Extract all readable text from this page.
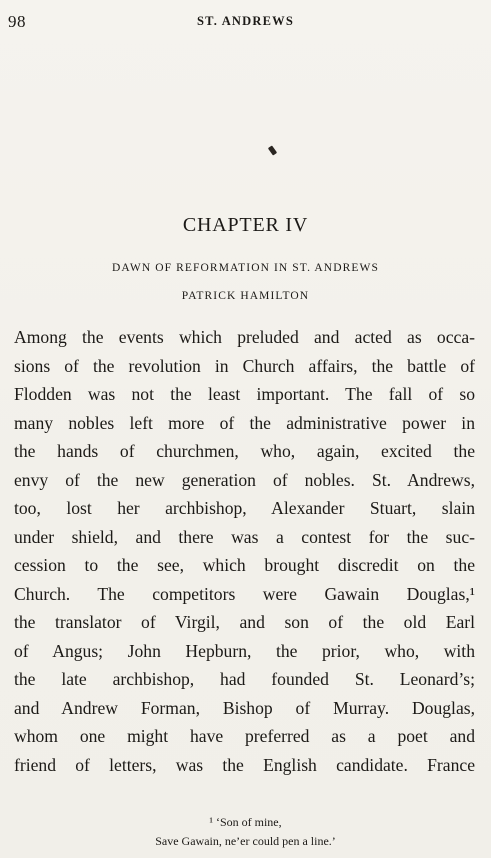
98	ST. ANDREWS
CHAPTER IV
DAWN OF REFORMATION IN ST. ANDREWS
PATRICK HAMILTON
Among the events which preluded and acted as occa-
sions of the revolution in Church affairs, the battle of
Flodden was not the least important. The fall of so
many nobles left more of the administrative power in
the hands of churchmen, who, again, excited the
envy of the new generation of nobles. St. Andrews,
too, lost her archbishop, Alexander Stuart, slain
under shield, and there was a contest for the suc-
cession to the see, which brought discredit on the
Church. The competitors were Gawain Douglas,¹
the translator of Virgil, and son of the old Earl
of Angus; John Hepburn, the prior, who, with
the late archbishop, had founded St. Leonard’s;
and Andrew Forman, Bishop of Murray. Douglas,
whom one might have preferred as a poet and
friend of letters, was the English candidate. France
¹ ‘Son of mine,
Save Gawain, ne’er could pen a line.’
